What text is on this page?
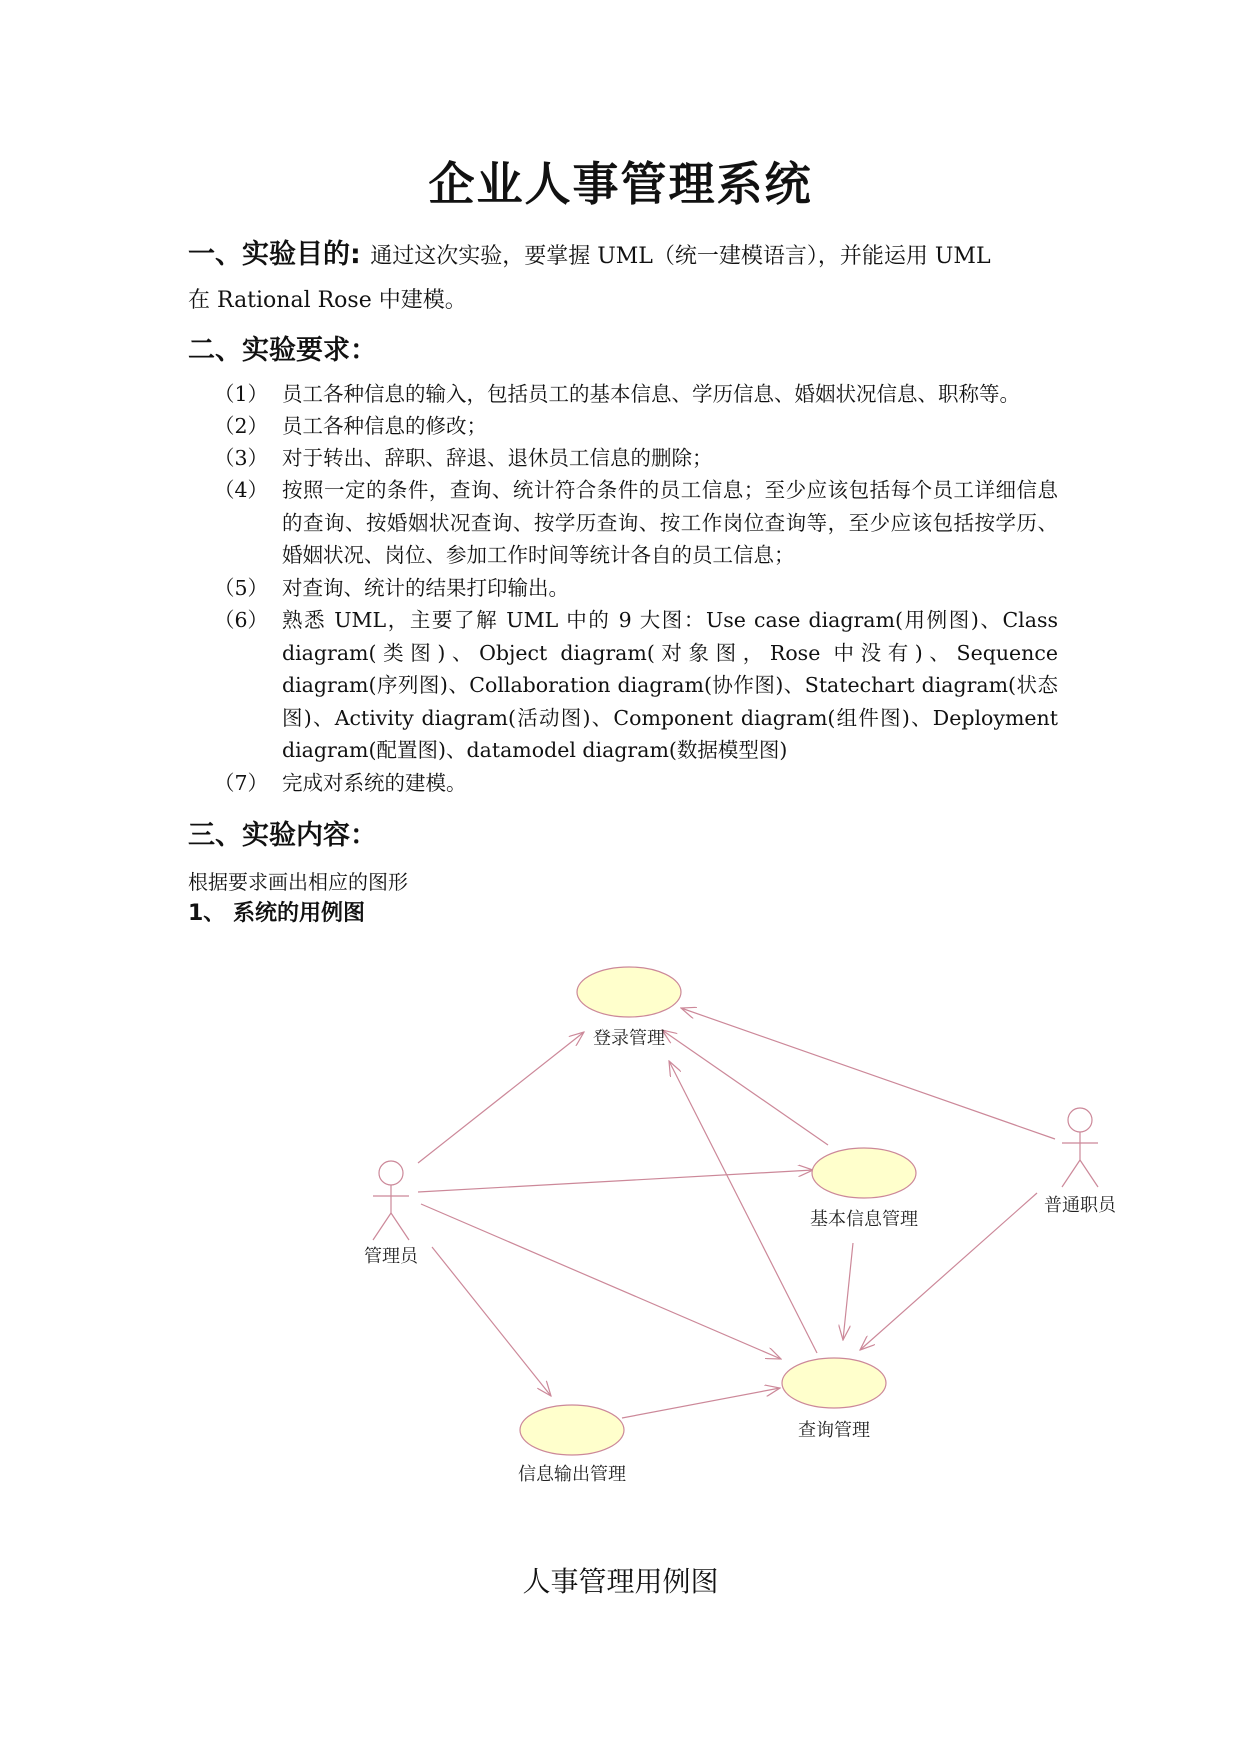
企业人事管理系统
一、实验目的: 通过这次实验，要掌握 UML（统一建模语言），并能运用 UML
在 Rational Rose 中建模。
二、实验要求：
（1） 员工各种信息的输入，包括员工的基本信息、学历信息、婚姻状况信息、职称等。
（2） 员工各种信息的修改；
（3） 对于转出、辞职、辞退、退休员工信息的删除；
（4） 按照一定的条件，查询、统计符合条件的员工信息；至少应该包括每个员工详细信息的查询、按婚姻状况查询、按学历查询、按工作岗位查询等，至少应该包括按学历、婚姻状况、岗位、参加工作时间等统计各自的员工信息；
（5） 对查询、统计的结果打印输出。
（6） 熟悉 UML，主要了解 UML 中的 9 大图：Use case diagram(用例图)、Class diagram(类图)、Object diagram(对象图，Rose 中没有)、Sequence diagram(序列图)、Collaboration diagram(协作图)、Statechart diagram(状态图)、Activity diagram(活动图)、Component diagram(组件图)、Deployment diagram(配置图)、datamodel diagram(数据模型图)
（7） 完成对系统的建模。
三、实验内容：
根据要求画出相应的图形
1、 系统的用例图
登录管理
基本信息管理
查询管理
信息输出管理
管理员
普通职员
人事管理用例图
